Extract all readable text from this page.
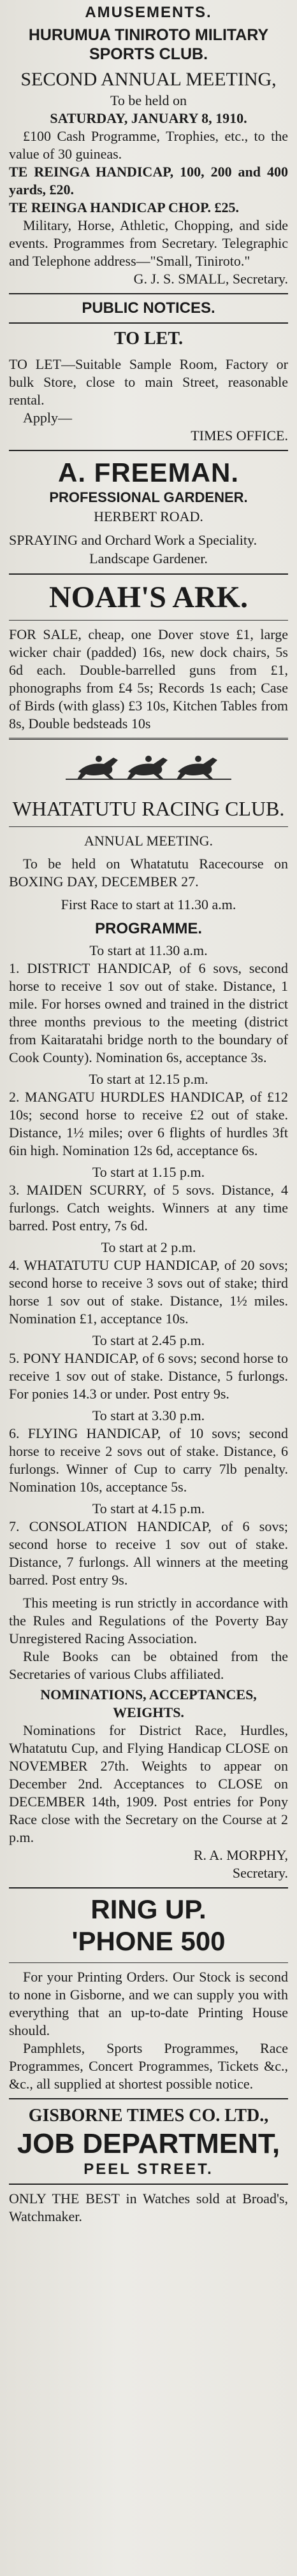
AMUSEMENTS.
HURUMUA TINIROTO MILITARY SPORTS CLUB.
SECOND ANNUAL MEETING,
To be held on
SATURDAY, JANUARY 8, 1910.

£100 Cash Programme, Trophies, etc., to the value of 30 guineas.

TE REINGA HANDICAP, 100, 200 and 400 yards, £20.

TE REINGA HANDICAP CHOP. £25.

Military, Horse, Athletic, Chopping, and side events. Programmes from Secretary. Telegraphic and Telephone address—"Small, Tiniroto."

G. J. S. SMALL, Secretary.
PUBLIC NOTICES.
TO LET.

TO LET—Suitable Sample Room, Factory or bulk Store, close to main Street, reasonable rental.

Apply—
TIMES OFFICE.
A. FREEMAN.
PROFESSIONAL GARDENER.
HERBERT ROAD.

SPRAYING and Orchard Work a Speciality.

Landscape Gardener.
NOAH'S ARK.

FOR SALE, cheap, one Dover stove £1, large wicker chair (padded) 16s, new dock chairs, 5s 6d each. Double-barrelled guns from £1, phonographs from £4 5s; Records 1s each; Case of Birds (with glass) £3 10s, Kitchen Tables from 8s, Double bedsteads 10s

WHATATUTU RACING CLUB.
ANNUAL MEETING.

To be held on Whatatutu Racecourse on BOXING DAY, DECEMBER 27.

First Race to start at 11.30 a.m.
PROGRAMME.
To start at 11.30 a.m.

1. DISTRICT HANDICAP, of 6 sovs, second horse to receive 1 sov out of stake. Distance, 1 mile. For horses owned and trained in the district three months previous to the meeting (district from Kaitaratahi bridge north to the boundary of Cook County). Nomination 6s, acceptance 3s.

To start at 12.15 p.m.

2. MANGATU HURDLES HANDICAP, of £12 10s; second horse to receive £2 out of stake. Distance, 1½ miles; over 6 flights of hurdles 3ft 6in high. Nomination 12s 6d, acceptance 6s.

To start at 1.15 p.m.

3. MAIDEN SCURRY, of 5 sovs. Distance, 4 furlongs. Catch weights. Winners at any time barred. Post entry, 7s 6d.

To start at 2 p.m.

4. WHATATUTU CUP HANDICAP, of 20 sovs; second horse to receive 3 sovs out of stake; third horse 1 sov out of stake. Distance, 1½ miles. Nomination £1, acceptance 10s.

To start at 2.45 p.m.

5. PONY HANDICAP, of 6 sovs; second horse to receive 1 sov out of stake. Distance, 5 furlongs. For ponies 14.3 or under. Post entry 9s.

To start at 3.30 p.m.

6. FLYING HANDICAP, of 10 sovs; second horse to receive 2 sovs out of stake. Distance, 6 furlongs. Winner of Cup to carry 7lb penalty. Nomination 10s, acceptance 5s.

To start at 4.15 p.m.

7. CONSOLATION HANDICAP, of 6 sovs; second horse to receive 1 sov out of stake. Distance, 7 furlongs. All winners at the meeting barred. Post entry 9s.

This meeting is run strictly in accordance with the Rules and Regulations of the Poverty Bay Unregistered Racing Association.

Rule Books can be obtained from the Secretaries of various Clubs affiliated.

NOMINATIONS, ACCEPTANCES, WEIGHTS.

Nominations for District Race, Hurdles, Whatatutu Cup, and Flying Handicap CLOSE on NOVEMBER 27th. Weights to appear on December 2nd. Acceptances to CLOSE on DECEMBER 14th, 1909. Post entries for Pony Race close with the Secretary on the Course at 2 p.m.

R. A. MORPHY,
Secretary.
RING UP.
'PHONE 500

For your Printing Orders. Our Stock is second to none in Gisborne, and we can supply you with everything that an up-to-date Printing House should.

Pamphlets, Sports Programmes, Race Programmes, Concert Programmes, Tickets &c., &c., all supplied at shortest possible notice.

GISBORNE TIMES CO. LTD.,
JOB DEPARTMENT,
PEEL STREET.

ONLY THE BEST in Watches sold at Broad's, Watchmaker.
